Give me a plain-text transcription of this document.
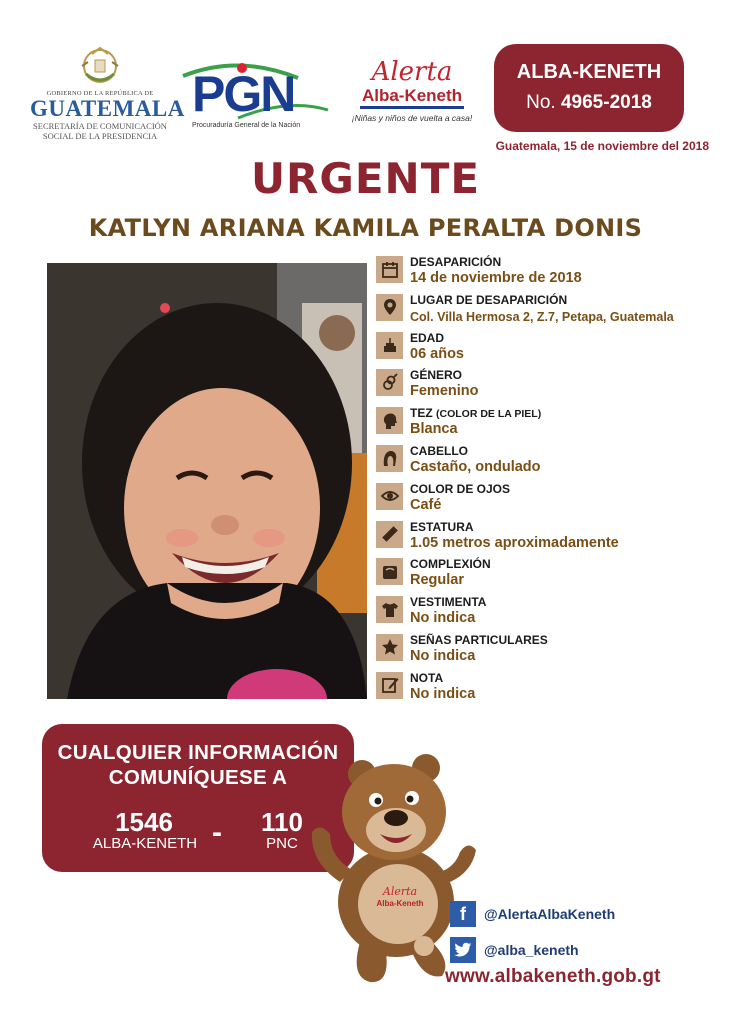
GOBIERNO DE LA REPÚBLICA DE
GUATEMALA
SECRETARÍA DE COMUNICACIÓN
SOCIAL DE LA PRESIDENCIA
PGN
Procuraduría General de la Nación
Alerta
Alba-Keneth
¡Niñas y niños de vuelta a casa!
ALBA-KENETH
No. 4965-2018
Guatemala, 15 de noviembre del 2018
URGENTE
KATLYN ARIANA KAMILA PERALTA DONIS
DESAPARICIÓN
14 de noviembre de 2018
LUGAR DE DESAPARICIÓN
Col. Villa Hermosa 2, Z.7, Petapa, Guatemala
EDAD
06 años
GÉNERO
Femenino
TEZ (COLOR DE LA PIEL)
Blanca
CABELLO
Castaño, ondulado
COLOR DE OJOS
Café
ESTATURA
1.05 metros aproximadamente
COMPLEXIÓN
Regular
VESTIMENTA
No indica
SEÑAS PARTICULARES
No indica
NOTA
No indica
CUALQUIER INFORMACIÓN
COMUNÍQUESE A
1546
ALBA-KENETH -	110
PNC
Alerta
Alba-Keneth	f	@AlertaAlbaKeneth
@alba_keneth
www.albakeneth.gob.gt
